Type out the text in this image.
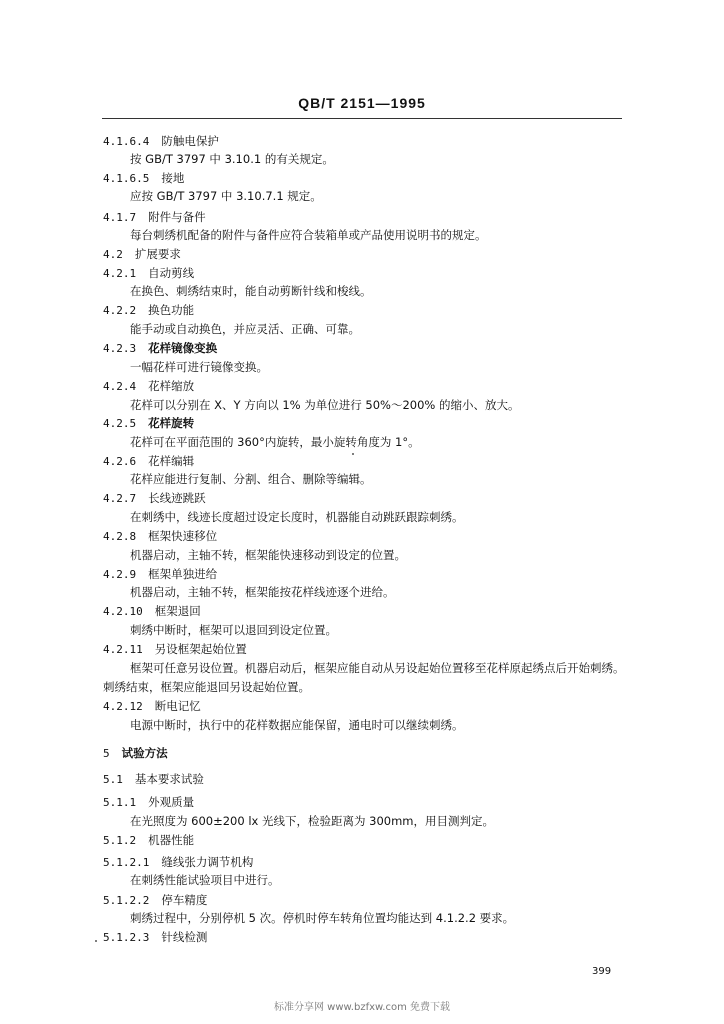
QB/T 2151—1995
4.1.6.4 防触电保护
按 GB/T 3797 中 3.10.1 的有关规定。
4.1.6.5 接地
应按 GB/T 3797 中 3.10.7.1 规定。
4.1.7 附件与备件
每台刺绣机配备的附件与备件应符合装箱单或产品使用说明书的规定。
4.2 扩展要求
4.2.1 自动剪线
在换色、刺绣结束时，能自动剪断针线和梭线。
4.2.2 换色功能
能手动或自动换色，并应灵活、正确、可靠。
4.2.3 花样镜像变换
一幅花样可进行镜像变换。
4.2.4 花样缩放
花样可以分别在 X、Y 方向以 1% 为单位进行 50%～200% 的缩小、放大。
4.2.5 花样旋转
花样可在平面范围的 360°内旋转，最小旋转角度为 1°。
4.2.6 花样编辑
花样应能进行复制、分割、组合、删除等编辑。
4.2.7 长线迹跳跃
在刺绣中，线迹长度超过设定长度时，机器能自动跳跃跟踪刺绣。
4.2.8 框架快速移位
机器启动，主轴不转，框架能快速移动到设定的位置。
4.2.9 框架单独进给
机器启动，主轴不转，框架能按花样线迹逐个进给。
4.2.10 框架退回
刺绣中断时，框架可以退回到设定位置。
4.2.11 另设框架起始位置
框架可任意另设位置。机器启动后，框架应能自动从另设起始位置移至花样原起绣点后开始刺绣。
刺绣结束，框架应能退回另设起始位置。
4.2.12 断电记忆
电源中断时，执行中的花样数据应能保留，通电时可以继续刺绣。
5 试验方法
5.1 基本要求试验
5.1.1 外观质量
在光照度为 600±200 lx 光线下，检验距离为 300mm，用目测判定。
5.1.2 机器性能
5.1.2.1 缝线张力调节机构
在刺绣性能试验项目中进行。
5.1.2.2 停车精度
刺绣过程中，分别停机 5 次。停机时停车转角位置均能达到 4.1.2.2 要求。
5.1.2.3 针线检测
399
标准分享网 www.bzfxw.com 免费下载
